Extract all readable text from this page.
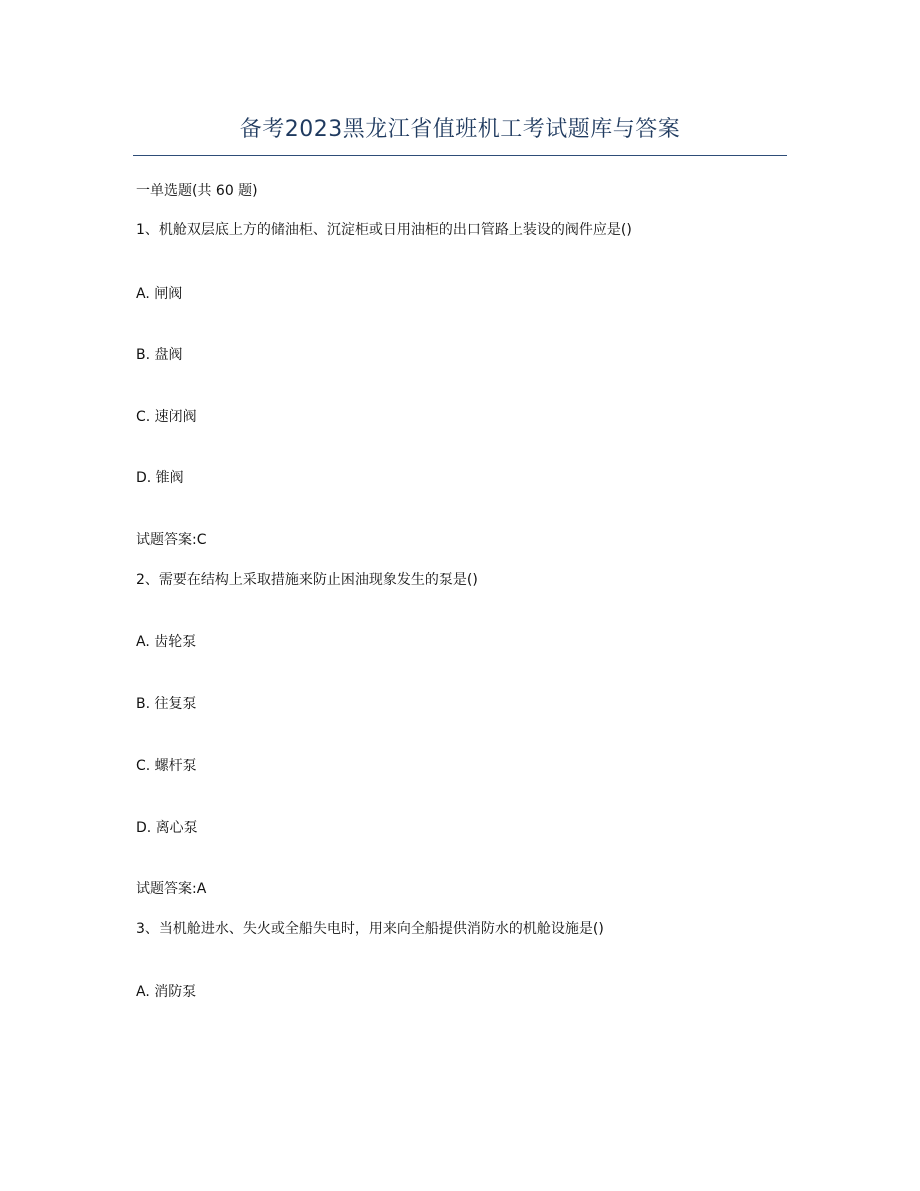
备考2023黑龙江省值班机工考试题库与答案
一单选题(共 60 题)
1、机舱双层底上方的储油柜、沉淀柜或日用油柜的出口管路上装设的阀件应是()
A. 闸阀
B. 盘阀
C. 速闭阀
D. 锥阀
试题答案:C
2、需要在结构上采取措施来防止困油现象发生的泵是()
A. 齿轮泵
B. 往复泵
C. 螺杆泵
D. 离心泵
试题答案:A
3、当机舱进水、失火或全船失电时，用来向全船提供消防水的机舱设施是()
A. 消防泵
